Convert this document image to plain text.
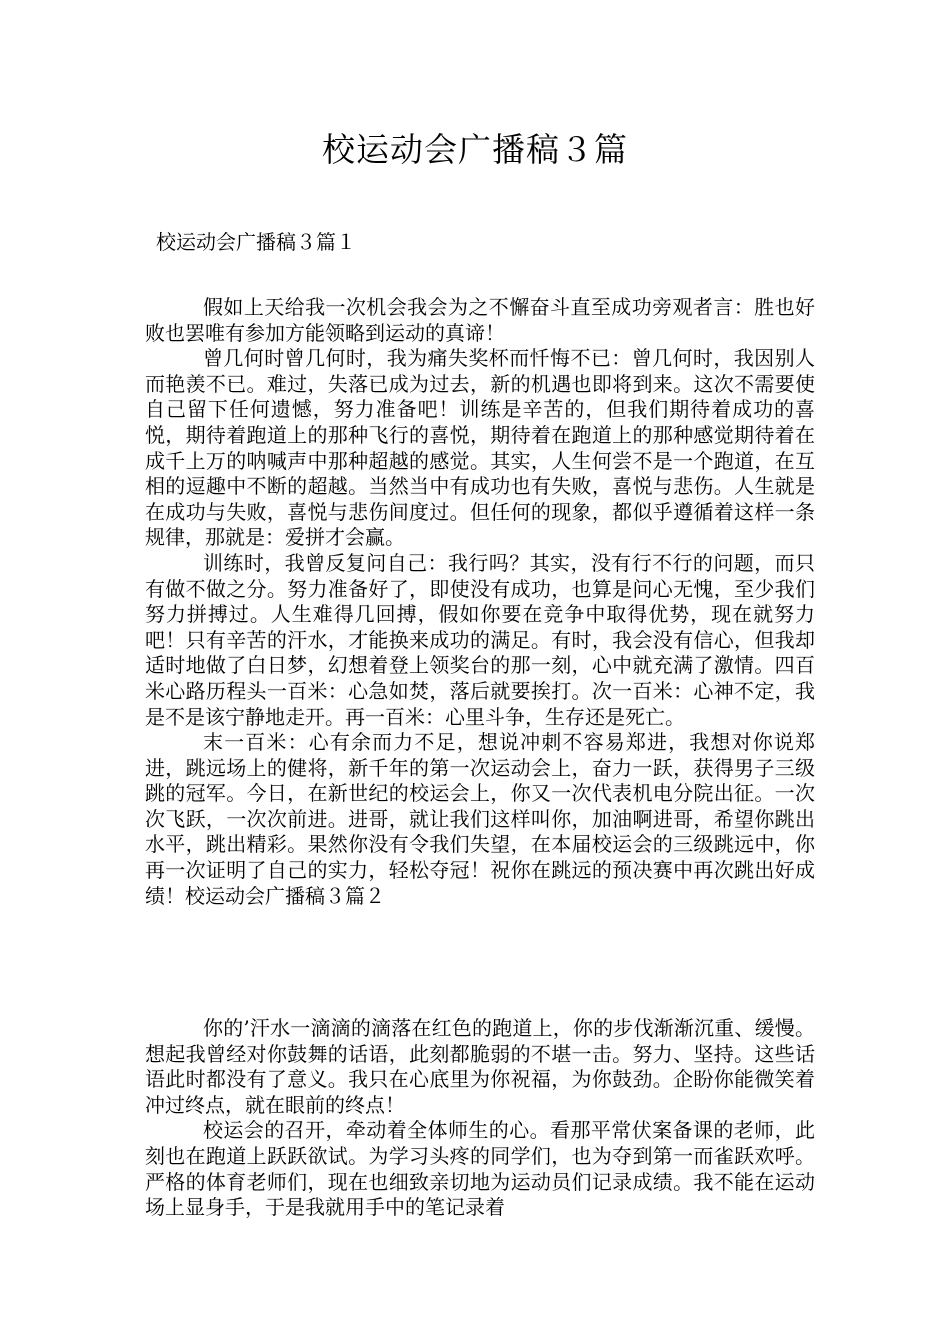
校运动会广播稿３篇
校运动会广播稿３篇１

假如上天给我一次机会我会为之不懈奋斗直至成功旁观者言：胜也好败也罢唯有参加方能领略到运动的真谛！

曾几何时曾几何时，我为痛失奖杯而忏悔不已：曾几何时，我因别人而艳羡不已。难过，失落已成为过去，新的机遇也即将到来。这次不需要使自己留下任何遗憾，努力准备吧！训练是辛苦的，但我们期待着成功的喜悦，期待着跑道上的那种飞行的喜悦，期待着在跑道上的那种感觉期待着在成千上万的呐喊声中那种超越的感觉。其实，人生何尝不是一个跑道，在互相的逗趣中不断的超越。当然当中有成功也有失败，喜悦与悲伤。人生就是在成功与失败，喜悦与悲伤间度过。但任何的现象，都似乎遵循着这样一条规律，那就是：爱拼才会赢。

训练时，我曾反复问自己：我行吗？其实，没有行不行的问题，而只有做不做之分。努力准备好了，即使没有成功，也算是问心无愧，至少我们努力拼搏过。人生难得几回搏，假如你要在竞争中取得优势，现在就努力吧！只有辛苦的汗水，才能换来成功的满足。有时，我会没有信心，但我却适时地做了白日梦，幻想着登上领奖台的那一刻，心中就充满了激情。四百米心路历程头一百米：心急如焚，落后就要挨打。次一百米：心神不定，我是不是该宁静地走开。再一百米：心里斗争，生存还是死亡。

末一百米：心有余而力不足，想说冲刺不容易郑进，我想对你说郑进，跳远场上的健将，新千年的第一次运动会上，奋力一跃，获得男子三级跳的冠军。今日，在新世纪的校运会上，你又一次代表机电分院出征。一次次飞跃，一次次前进。进哥，就让我们这样叫你，加油啊进哥，希望你跳出水平，跳出精彩。果然你没有令我们失望，在本届校运会的三级跳远中，你再一次证明了自己的实力，轻松夺冠！祝你在跳远的预决赛中再次跳出好成绩！校运动会广播稿３篇２

你的’汗水一滴滴的滴落在红色的跑道上，你的步伐渐渐沉重、缓慢。想起我曾经对你鼓舞的话语，此刻都脆弱的不堪一击。努力、坚持。这些话语此时都没有了意义。我只在心底里为你祝福，为你鼓劲。企盼你能微笑着冲过终点，就在眼前的终点！

校运会的召开，牵动着全体师生的心。看那平常伏案备课的老师，此刻也在跑道上跃跃欲试。为学习头疼的同学们，也为夺到第一而雀跃欢呼。严格的体育老师们，现在也细致亲切地为运动员们记录成绩。我不能在运动场上显身手，于是我就用手中的笔记录着
